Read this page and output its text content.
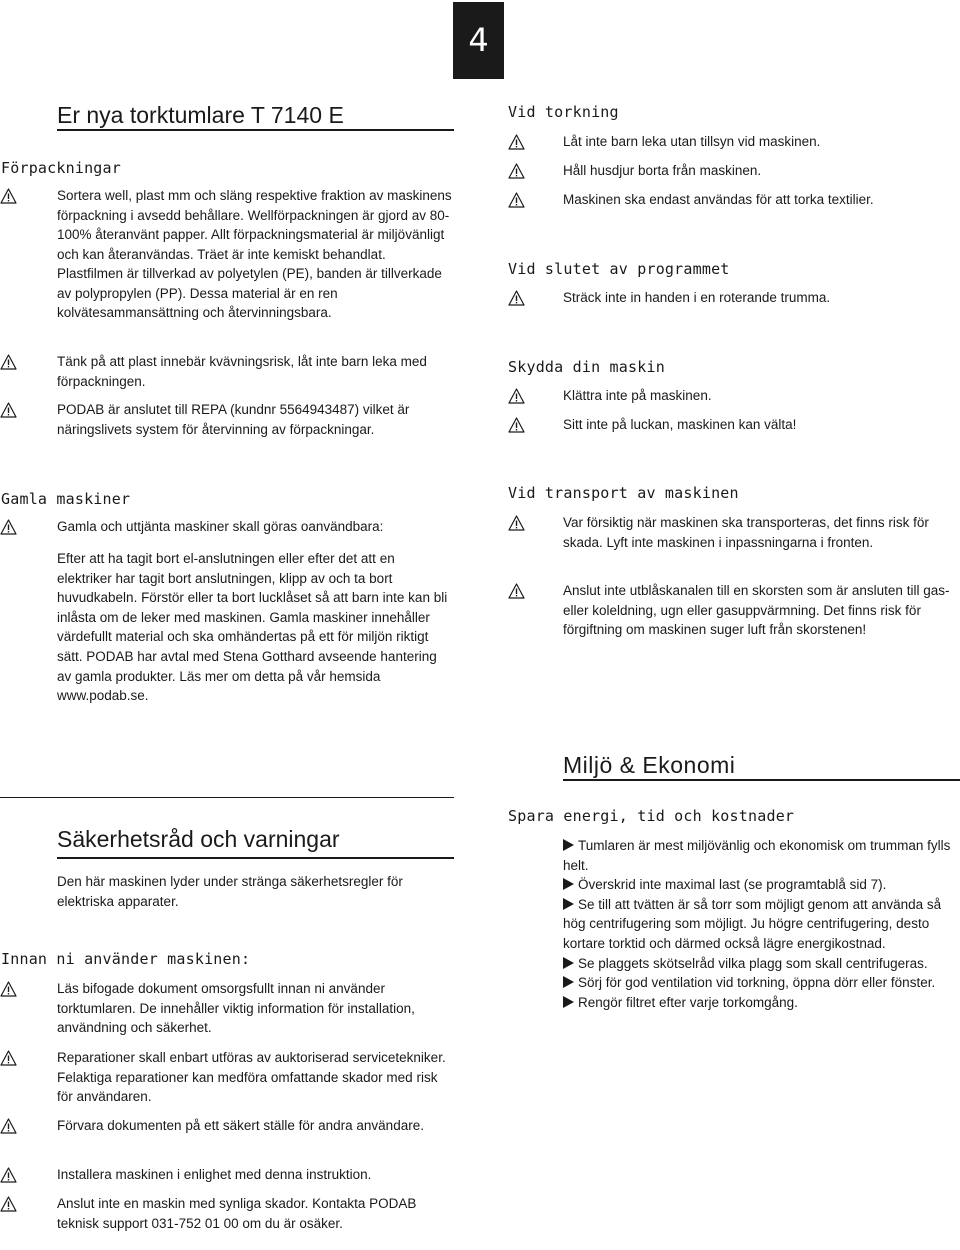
4
Er nya torktumlare T 7140 E
Förpackningar
Sortera well, plast mm och släng respektive fraktion av maskinens förpackning i avsedd behållare. Wellförpackningen är gjord av 80-100% återanvänt papper. Allt förpackningsmaterial är miljövänligt och kan återanvändas. Träet är inte kemiskt behandlat. Plastfilmen är tillverkad av polyetylen (PE), banden är tillverkade av polypropylen (PP). Dessa material är en ren kolvätesammansättning och återvinningsbara.
Tänk på att plast innebär kvävningsrisk, låt inte barn leka med förpackningen.
PODAB är anslutet till REPA (kundnr 5564943487) vilket är näringslivets system för återvinning av förpackningar.
Gamla maskiner
Gamla och uttjänta maskiner skall göras oanvändbara:
Efter att ha tagit bort el-anslutningen eller efter det att en elektriker har tagit bort anslutningen, klipp av och ta bort huvudkabeln. Förstör eller ta bort lucklåset så att barn inte kan bli inlåsta om de leker med maskinen. Gamla maskiner innehåller värdefullt material och ska omhändertas på ett för miljön riktigt sätt. PODAB har avtal med Stena Gotthard avseende hantering av gamla produkter. Läs mer om detta på vår hemsida www.podab.se.
Säkerhetsråd och varningar
Den här maskinen lyder under stränga säkerhetsregler för elektriska apparater.
Innan ni använder maskinen:
Läs bifogade dokument omsorgsfullt innan ni använder torktumlaren. De innehåller viktig information för installation, användning och säkerhet.
Reparationer skall enbart utföras av auktoriserad servicetekniker. Felaktiga reparationer kan medföra omfattande skador med risk för användaren.
Förvara dokumenten på ett säkert ställe för andra användare.
Installera maskinen i enlighet med denna instruktion.
Anslut inte en maskin med synliga skador. Kontakta PODAB teknisk support 031-752 01 00 om du är osäker.
Vid torkning
Låt inte barn leka utan tillsyn vid maskinen.
Håll husdjur borta från maskinen.
Maskinen ska endast användas för att torka textilier.
Vid slutet av programmet
Sträck inte in handen i en roterande trumma.
Skydda din maskin
Klättra inte på maskinen.
Sitt inte på luckan, maskinen kan välta!
Vid transport av maskinen
Var försiktig när maskinen ska transporteras, det finns risk för skada. Lyft inte maskinen i inpassningarna i fronten.
Anslut inte utblåskanalen till en skorsten som är ansluten till gas- eller koleldning, ugn eller gasuppvärmning. Det finns risk för förgiftning om maskinen suger luft från skorstenen!
Miljö & Ekonomi
Spara energi, tid och kostnader
Tumlaren är mest miljövänlig och ekonomisk om trumman fylls helt.
Överskrid inte maximal last (se programtablå sid 7).
Se till att tvätten är så torr som möjligt genom att använda så hög centrifugering som möjligt. Ju högre centrifugering, desto kortare torktid och därmed också lägre energikostnad.
Se plaggets skötselråd vilka plagg som skall centrifugeras.
Sörj för god ventilation vid torkning, öppna dörr eller fönster.
Rengör filtret efter varje torkomgång.
